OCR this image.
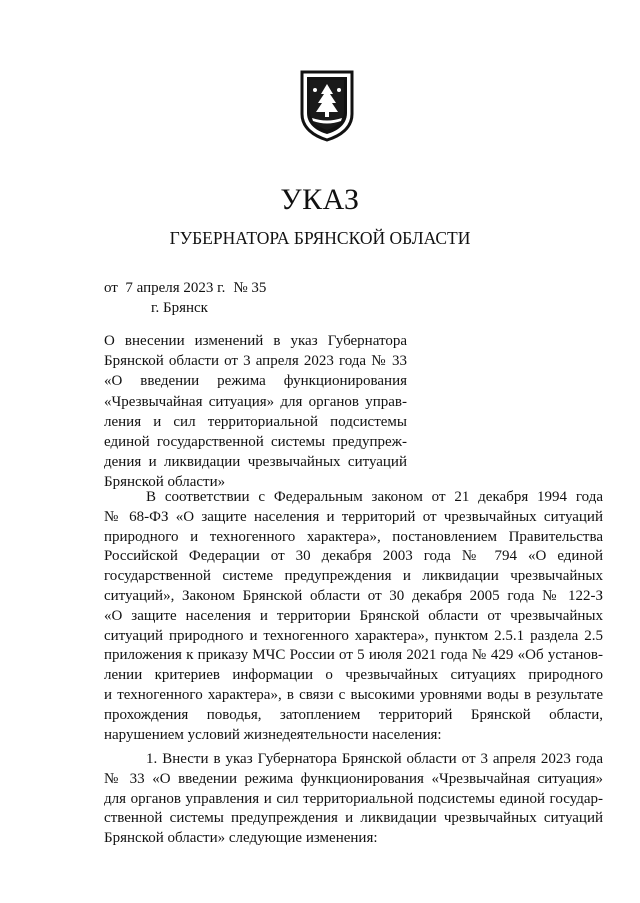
УКАЗ
ГУБЕРНАТОРА БРЯНСКОЙ ОБЛАСТИ
от  7 апреля 2023 г. № 35
г. Брянск
О внесении изменений в указ Губернатора
Брянской области от 3 апреля 2023 года № 33
«О введении режима функционирования
«Чрезвычайная ситуация» для органов управ-
ления и сил территориальной подсистемы
единой государственной системы предупреж-
дения и ликвидации чрезвычайных ситуаций
Брянской области»
В соответствии с Федеральным законом от 21 декабря 1994 года
№ 68-ФЗ «О защите населения и территорий от чрезвычайных ситуаций
природного и техногенного характера», постановлением Правительства
Российской Федерации от 30 декабря 2003 года № 794 «О единой
государственной системе предупреждения и ликвидации чрезвычайных
ситуаций», Законом Брянской области от 30 декабря 2005 года № 122-З
«О защите населения и территории Брянской области от чрезвычайных
ситуаций природного и техногенного характера», пунктом 2.5.1 раздела 2.5
приложения к приказу МЧС России от 5 июля 2021 года № 429 «Об установ-
лении критериев информации о чрезвычайных ситуациях природного
и техногенного характера», в связи с высокими уровнями воды в результате
прохождения поводья, затоплением территорий Брянской области,
нарушением условий жизнедеятельности населения:
1. Внести в указ Губернатора Брянской области от 3 апреля 2023 года
№ 33 «О введении режима функционирования «Чрезвычайная ситуация»
для органов управления и сил территориальной подсистемы единой государ-
ственной системы предупреждения и ликвидации чрезвычайных ситуаций
Брянской области» следующие изменения:
